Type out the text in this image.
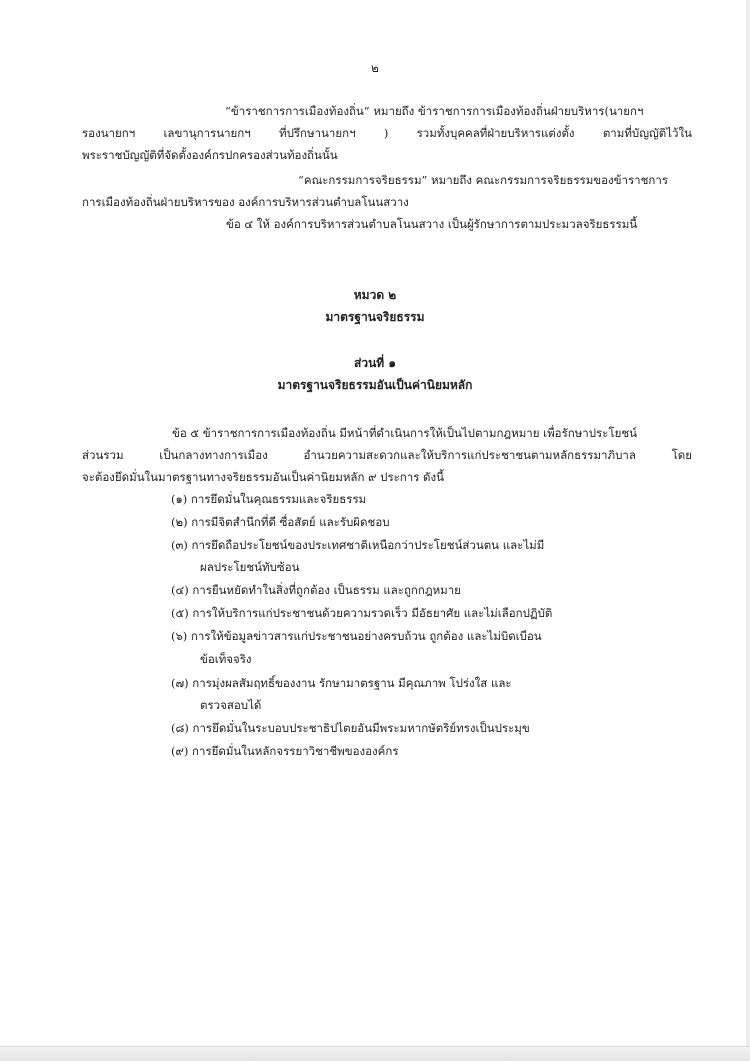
๒
“ข้าราชการการเมืองท้องถิ่น” หมายถึง ข้าราชการการเมืองท้องถิ่นฝ่ายบริหาร(นายกฯ
รองนายกฯ เลขานุการนายกฯ ที่ปรึกษานายกฯ ) รวมทั้งบุคคลที่ฝ่ายบริหารแต่งตั้ง ตามที่บัญญัติไว้ใน
พระราชบัญญัติที่จัดตั้งองค์กรปกครองส่วนท้องถิ่นนั้น
“คณะกรรมการจริยธรรม” หมายถึง คณะกรรมการจริยธรรมของข้าราชการ
การเมืองท้องถิ่นฝ่ายบริหารของ องค์การบริหารส่วนตำบลโนนสวาง
ข้อ ๔ ให้ องค์การบริหารส่วนตำบลโนนสวาง เป็นผู้รักษาการตามประมวลจริยธรรมนี้
หมวด ๒
มาตรฐานจริยธรรม
ส่วนที่ ๑
มาตรฐานจริยธรรมอันเป็นค่านิยมหลัก
ข้อ ๕ ข้าราชการการเมืองท้องถิ่น มีหน้าที่ดำเนินการให้เป็นไปตามกฎหมาย เพื่อรักษาประโยชน์
ส่วนรวม เป็นกลางทางการเมือง อำนวยความสะดวกและให้บริการแก่ประชาชนตามหลักธรรมาภิบาล โดย
จะต้องยึดมั่นในมาตรฐานทางจริยธรรมอันเป็นค่านิยมหลัก ๙ ประการ ดังนี้
(๑) การยึดมั่นในคุณธรรมและจริยธรรม
(๒) การมีจิตสำนึกที่ดี ซื่อสัตย์ และรับผิดชอบ
(๓) การยึดถือประโยชน์ของประเทศชาติเหนือกว่าประโยชน์ส่วนตน และไม่มี
ผลประโยชน์ทับซ้อน
(๔) การยืนหยัดทำในสิ่งที่ถูกต้อง เป็นธรรม และถูกกฎหมาย
(๕) การให้บริการแก่ประชาชนด้วยความรวดเร็ว มีอัธยาศัย และไม่เลือกปฏิบัติ
(๖) การให้ข้อมูลข่าวสารแก่ประชาชนอย่างครบถ้วน ถูกต้อง และไม่บิดเบือน
ข้อเท็จจริง
(๗) การมุ่งผลสัมฤทธิ์ของงาน รักษามาตรฐาน มีคุณภาพ โปร่งใส และ
ตรวจสอบได้
(๘) การยึดมั่นในระบอบประชาธิปไตยอันมีพระมหากษัตริย์ทรงเป็นประมุข
(๙) การยึดมั่นในหลักจรรยาวิชาชีพขององค์กร
